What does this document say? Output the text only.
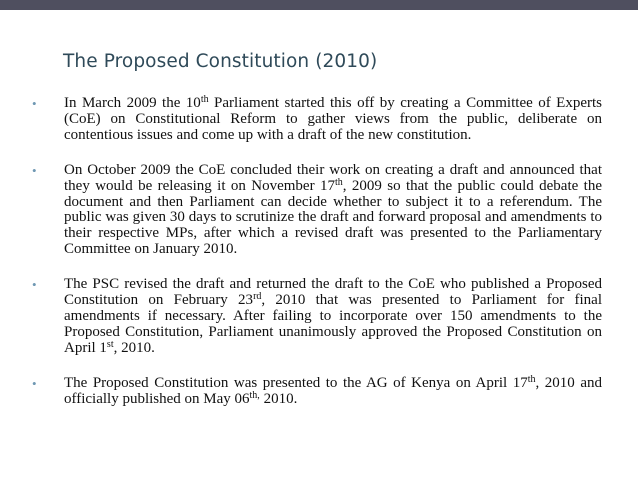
The Proposed Constitution (2010)
• In March 2009 the 10th Parliament started this off by creating a Committee of Experts (CoE) on Constitutional Reform to gather views from the public, deliberate on contentious issues and come up with a draft of the new constitution.
• On October 2009 the CoE concluded their work on creating a draft and announced that they would be releasing it on November 17th, 2009 so that the public could debate the document and then Parliament can decide whether to subject it to a referendum. The public was given 30 days to scrutinize the draft and forward proposal and amendments to their respective MPs, after which a revised draft was presented to the Parliamentary Committee on January 2010.
• The PSC revised the draft and returned the draft to the CoE who published a Proposed Constitution on February 23rd, 2010 that was presented to Parliament for final amendments if necessary. After failing to incorporate over 150 amendments to the Proposed Constitution, Parliament unanimously approved the Proposed Constitution on April 1st, 2010.
• The Proposed Constitution was presented to the AG of Kenya on April 17th, 2010 and officially published on May $06^{th,}$ 2010.
